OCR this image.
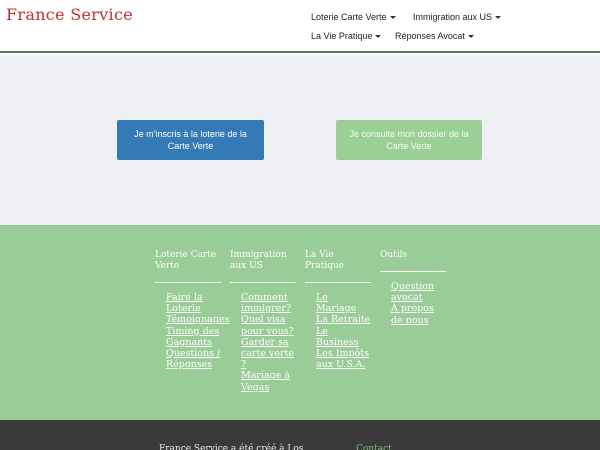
France Service	Loterie Carte Verte	Immigration aux US
La Vie Pratique	Réponses Avocat
Je m'inscris à la loterie de la Carte Verte
Je consulte mon dossier de la Carte Verte
Loterie Carte Verte
Faire la Loterie
Témoignages
Timing des Gagnants
Questions / Réponses
Immigration aux US
Comment immigrer?
Quel visa pour vous?
Garder sa carte verte ?
Mariage à Vegas
La Vie Pratique
Le Mariage
La Retraite
Le Business
Les Impôts aux U.S.A.
Outils
Question avocat
À propos de nous
France Service a été créé à Los	Contact
